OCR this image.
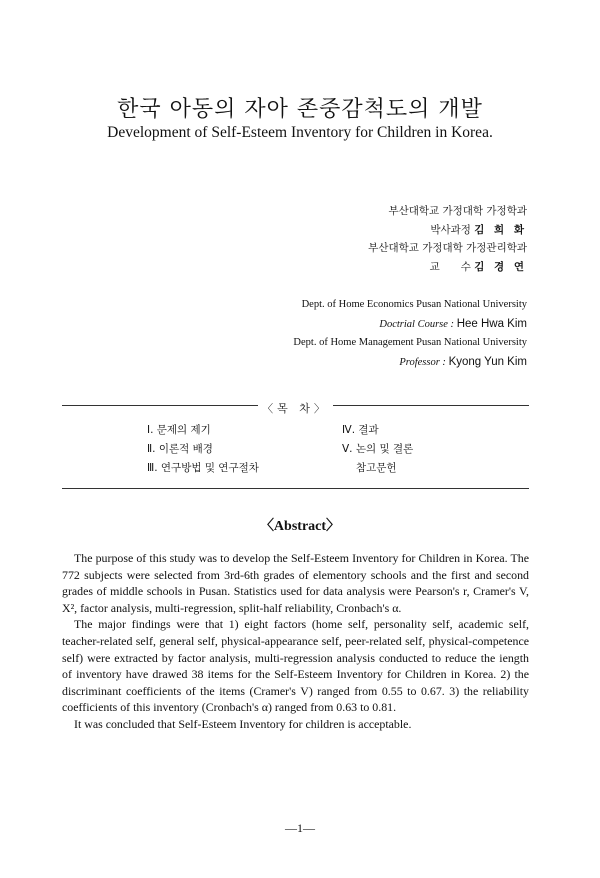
한국 아동의 자아 존중감척도의 개발
Development of Self-Esteem Inventory for Children in Korea.
부산대학교 가정대학 가정학과
박사과정 김 희 화
부산대학교 가정대학 가정관리학과
교　　수 김 경 연
Dept. of Home Economics Pusan National University
Doctrial Course : Hee Hwa Kim
Dept. of Home Management Pusan National University
Professor : Kyong Yun Kim
〈목 차〉
Ⅰ. 문제의 제기
Ⅱ. 이론적 배경
Ⅲ. 연구방법 및 연구절차
Ⅳ. 결과
Ⅴ. 논의 및 결론
참고문헌
〈Abstract〉

The purpose of this study was to develop the Self-Esteem Inventory for Children in Korea. The 772 subjects were selected from 3rd-6th grades of elementory schools and the first and second grades of middle schools in Pusan. Statistics used for data analysis were Pearson's r, Cramer's V, X², factor analysis, multi-regression, split-half reliability, Cronbach's α.

The major findings were that 1) eight factors (home self, personality self, academic self, teacher-related self, general self, physical-appearance self, peer-related self, physical-competence self) were extracted by factor analysis, multi-regression analysis conducted to reduce the iength of inventory have drawed 38 items for the Self-Esteem Inventory for Children in Korea. 2) the discriminant coefficients of the items (Cramer's V) ranged from 0.55 to 0.67. 3) the reliability coefficients of this inventory (Cronbach's α) ranged from 0.63 to 0.81.

It was concluded that Self-Esteem Inventory for children is acceptable.

—1—
